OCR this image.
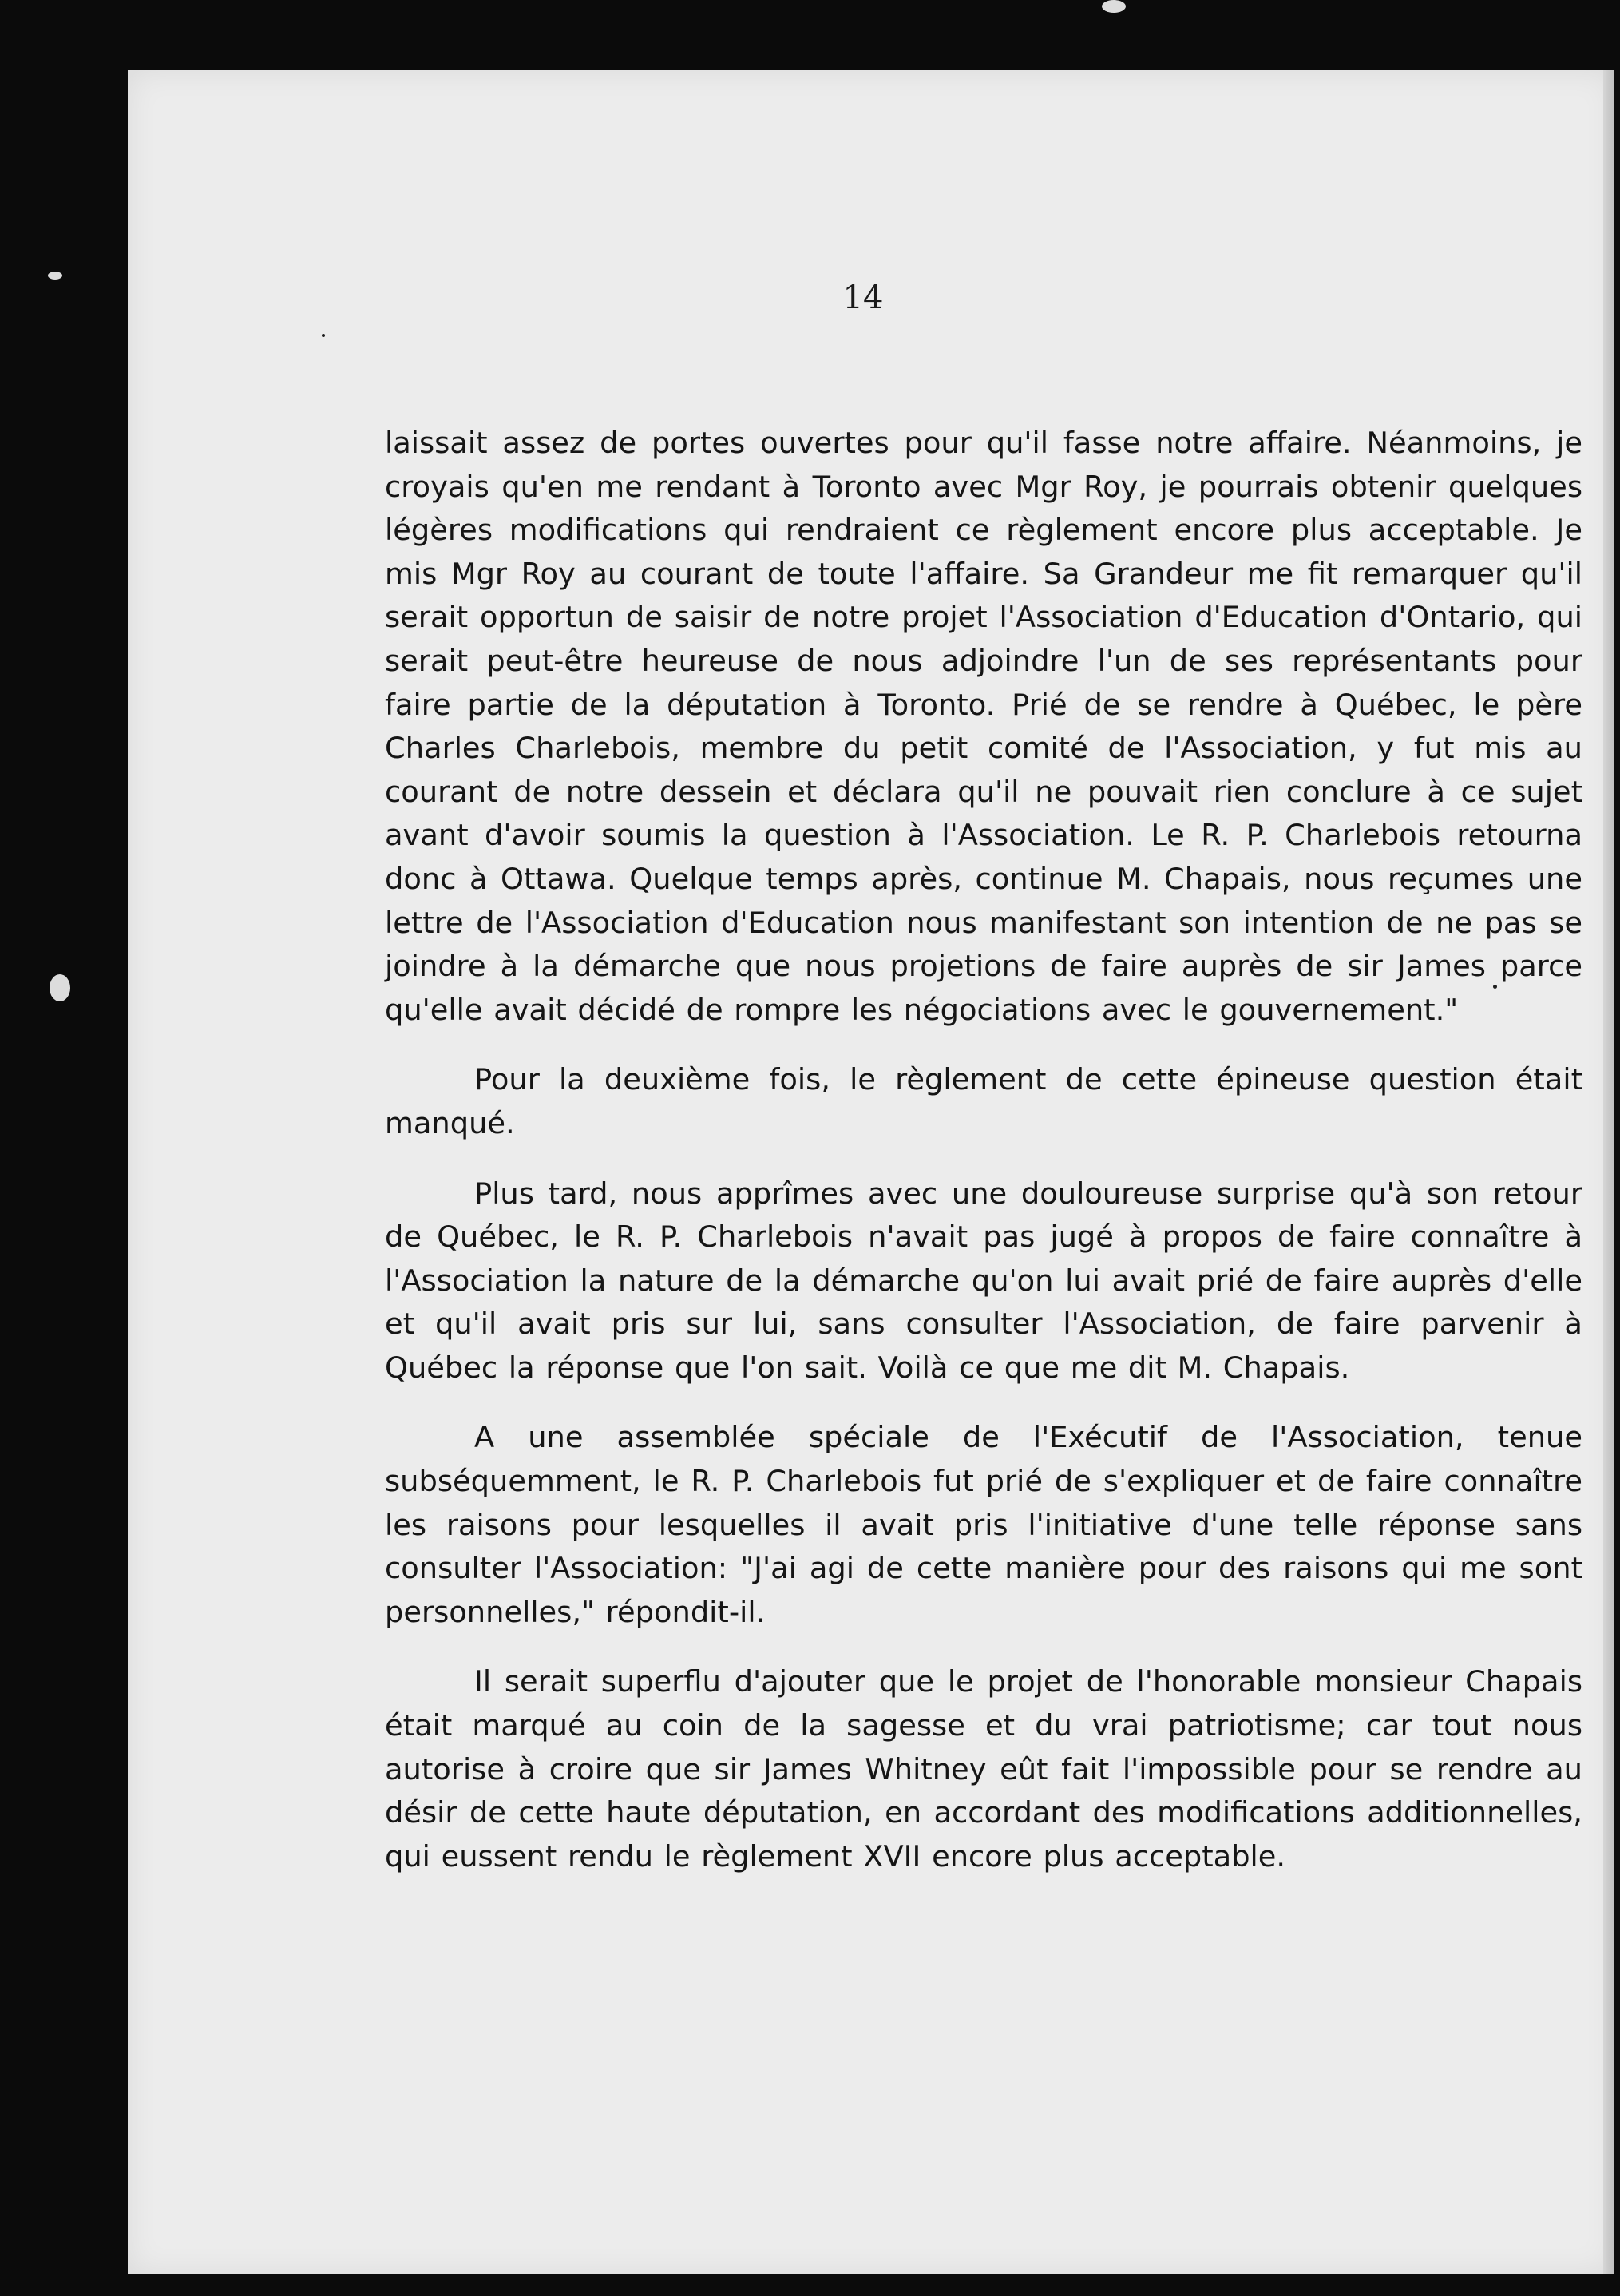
14

laissait assez de portes ouvertes pour qu'il fasse notre affaire. Néanmoins, je croyais qu'en me rendant à Toronto avec Mgr Roy, je pourrais obtenir quelques légères modifications qui rendraient ce règlement encore plus acceptable. Je mis Mgr Roy au courant de toute l'affaire. Sa Grandeur me fit remarquer qu'il serait opportun de saisir de notre projet l'Association d'Education d'Ontario, qui serait peut-être heureuse de nous adjoindre l'un de ses représentants pour faire partie de la députation à Toronto. Prié de se rendre à Québec, le père Charles Charlebois, membre du petit comité de l'Association, y fut mis au courant de notre dessein et déclara qu'il ne pouvait rien conclure à ce sujet avant d'avoir soumis la question à l'Association. Le R. P. Charlebois retourna donc à Ottawa. Quelque temps après, continue M. Chapais, nous reçumes une lettre de l'Association d'Education nous manifestant son intention de ne pas se joindre à la démarche que nous projetions de faire auprès de sir James parce qu'elle avait décidé de rompre les négociations avec le gouvernement."

Pour la deuxième fois, le règlement de cette épineuse question était manqué.

Plus tard, nous apprîmes avec une douloureuse surprise qu'à son retour de Québec, le R. P. Charlebois n'avait pas jugé à propos de faire connaître à l'Association la nature de la démarche qu'on lui avait prié de faire auprès d'elle et qu'il avait pris sur lui, sans consulter l'Association, de faire parvenir à Québec la réponse que l'on sait. Voilà ce que me dit M. Chapais.

A une assemblée spéciale de l'Exécutif de l'Association, tenue subséquemment, le R. P. Charlebois fut prié de s'expliquer et de faire connaître les raisons pour lesquelles il avait pris l'initiative d'une telle réponse sans consulter l'Association: "J'ai agi de cette manière pour des raisons qui me sont personnelles," répondit-il.

Il serait superflu d'ajouter que le projet de l'honorable monsieur Chapais était marqué au coin de la sagesse et du vrai patriotisme; car tout nous autorise à croire que sir James Whitney eût fait l'impossible pour se rendre au désir de cette haute députation, en accordant des modifications additionnelles, qui eussent rendu le règlement XVII encore plus acceptable.
